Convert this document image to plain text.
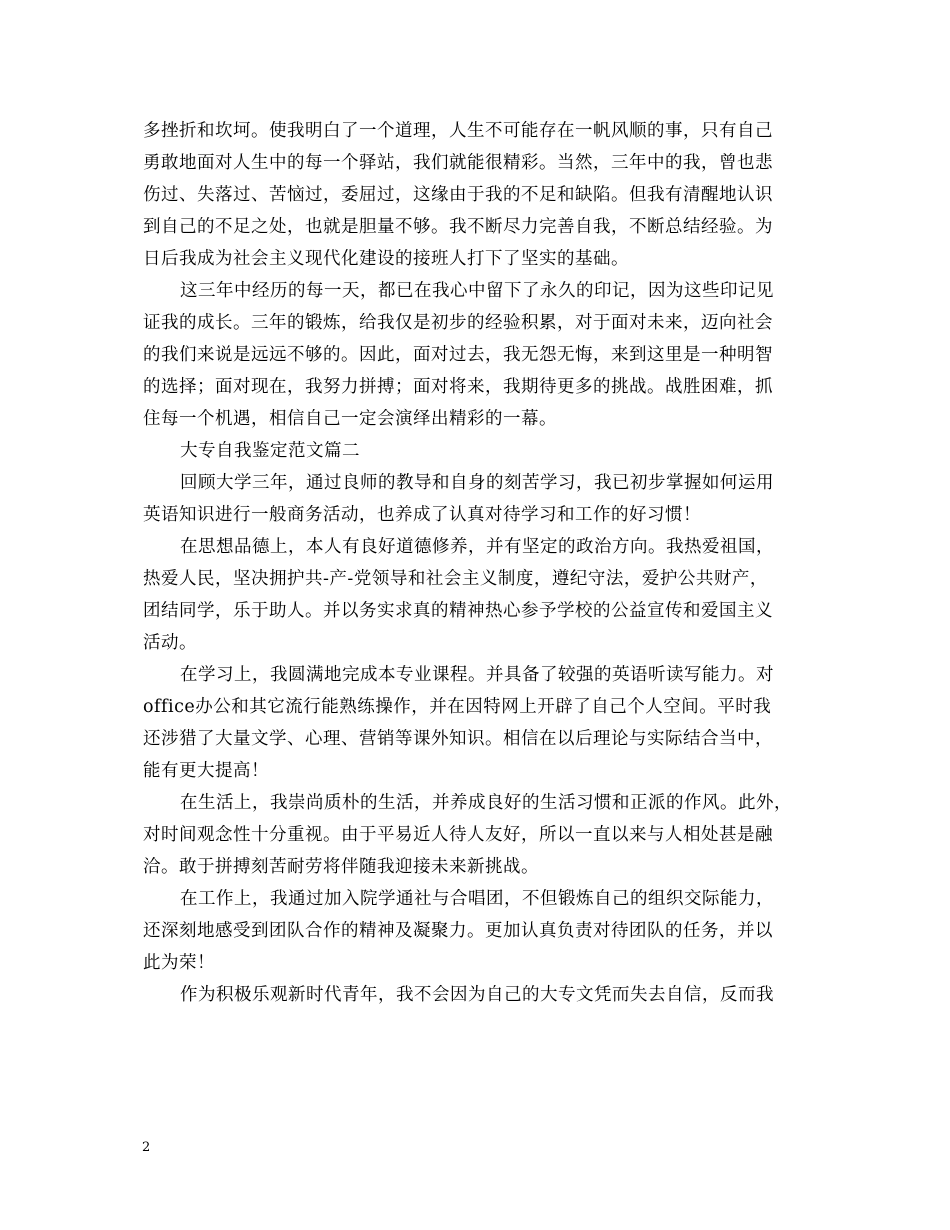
多挫折和坎坷。使我明白了一个道理，人生不可能存在一帆风顺的事，只有自己
勇敢地面对人生中的每一个驿站，我们就能很精彩。当然，三年中的我，曾也悲
伤过、失落过、苦恼过，委屈过，这缘由于我的不足和缺陷。但我有清醒地认识
到自己的不足之处，也就是胆量不够。我不断尽力完善自我，不断总结经验。为
日后我成为社会主义现代化建设的接班人打下了坚实的基础。
这三年中经历的每一天，都已在我心中留下了永久的印记，因为这些印记见
证我的成长。三年的锻炼，给我仅是初步的经验积累，对于面对未来，迈向社会
的我们来说是远远不够的。因此，面对过去，我无怨无悔，来到这里是一种明智
的选择；面对现在，我努力拼搏；面对将来，我期待更多的挑战。战胜困难，抓
住每一个机遇，相信自己一定会演绎出精彩的一幕。
大专自我鉴定范文篇二
回顾大学三年，通过良师的教导和自身的刻苦学习，我已初步掌握如何运用
英语知识进行一般商务活动，也养成了认真对待学习和工作的好习惯！
在思想品德上，本人有良好道德修养，并有坚定的政治方向。我热爱祖国，
热爱人民，坚决拥护共-产-党领导和社会主义制度，遵纪守法，爱护公共财产，
团结同学，乐于助人。并以务实求真的精神热心参予学校的公益宣传和爱国主义
活动。
在学习上，我圆满地完成本专业课程。并具备了较强的英语听读写能力。对
office办公和其它流行能熟练操作，并在因特网上开辟了自己个人空间。平时我
还涉猎了大量文学、心理、营销等课外知识。相信在以后理论与实际结合当中，
能有更大提高！
在生活上，我崇尚质朴的生活，并养成良好的生活习惯和正派的作风。此外，
对时间观念性十分重视。由于平易近人待人友好，所以一直以来与人相处甚是融
洽。敢于拼搏刻苦耐劳将伴随我迎接未来新挑战。
在工作上，我通过加入院学通社与合唱团，不但锻炼自己的组织交际能力，
还深刻地感受到团队合作的精神及凝聚力。更加认真负责对待团队的任务，并以
此为荣！
作为积极乐观新时代青年，我不会因为自己的大专文凭而失去自信，反而我
2
